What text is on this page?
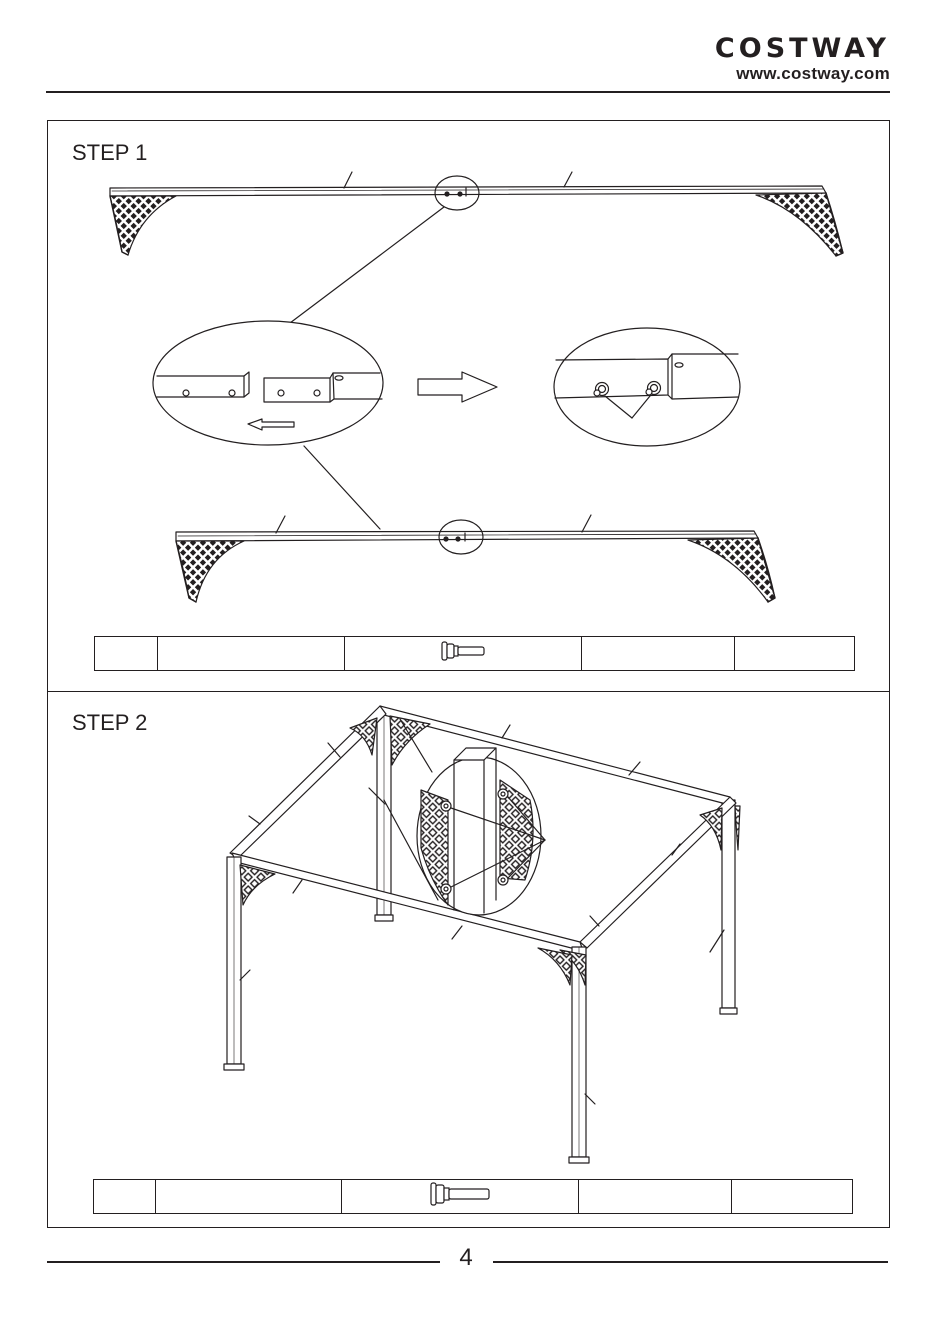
COSTWAY
www.costway.com
STEP 1
STEP 2

4
